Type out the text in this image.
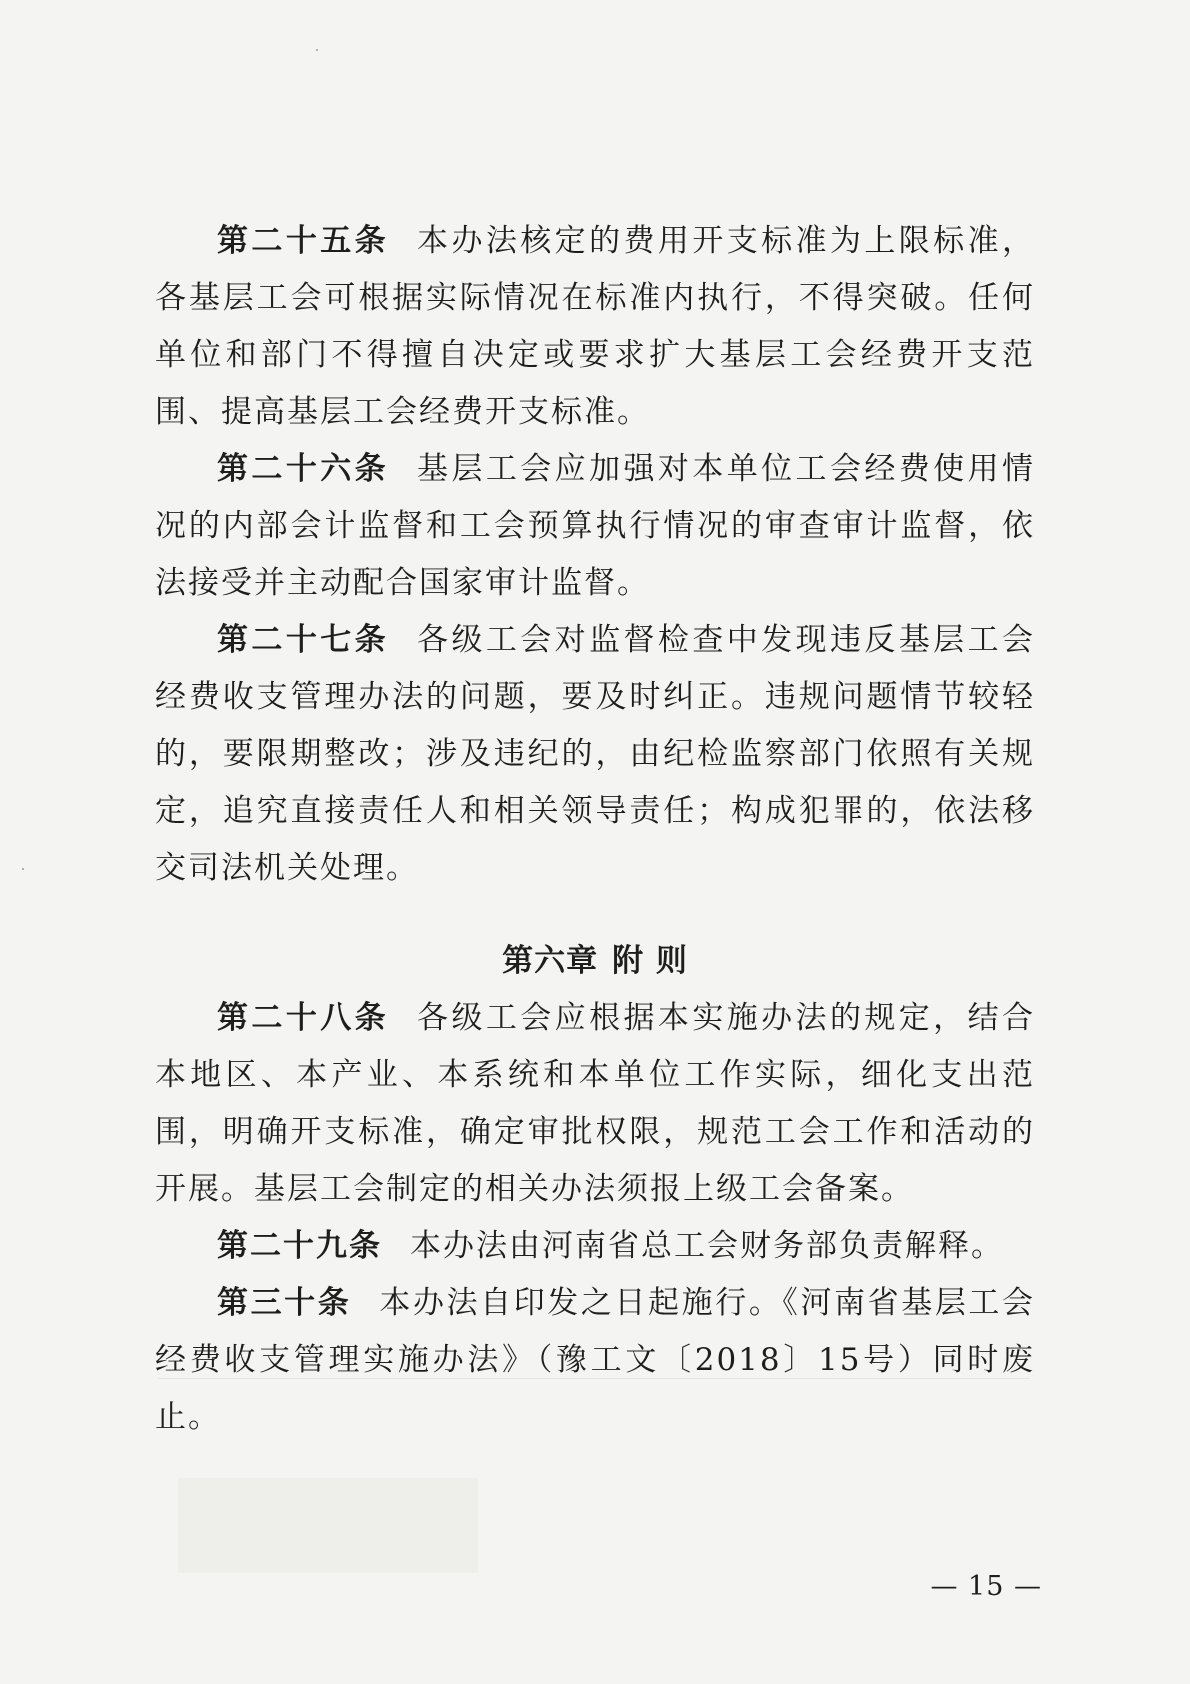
第二十五条 本办法核定的费用开支标准为上限标准，各基层工会可根据实际情况在标准内执行，不得突破。任何单位和部门不得擅自决定或要求扩大基层工会经费开支范围、提高基层工会经费开支标准。

第二十六条 基层工会应加强对本单位工会经费使用情况的内部会计监督和工会预算执行情况的审查审计监督，依法接受并主动配合国家审计监督。

第二十七条 各级工会对监督检查中发现违反基层工会经费收支管理办法的问题，要及时纠正。违规问题情节较轻的，要限期整改；涉及违纪的，由纪检监察部门依照有关规定，追究直接责任人和相关领导责任；构成犯罪的，依法移交司法机关处理。

第六章 附 则

第二十八条 各级工会应根据本实施办法的规定，结合本地区、本产业、本系统和本单位工作实际，细化支出范围，明确开支标准，确定审批权限，规范工会工作和活动的开展。基层工会制定的相关办法须报上级工会备案。

第二十九条 本办法由河南省总工会财务部负责解释。

第三十条 本办法自印发之日起施行。《河南省基层工会经费收支管理实施办法》（豫工文〔2018〕15号）同时废止。

— 15 —
